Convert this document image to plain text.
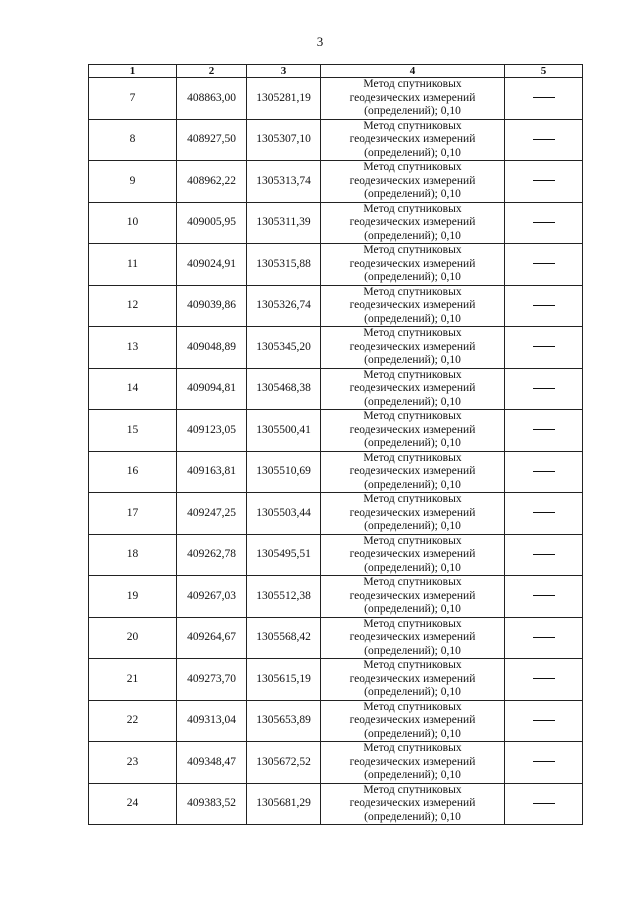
3
1	2	3	4	5
7	408863,00	1305281,19	Метод спутниковых
геодезических измерений
(определений); 0,10	

8	408927,50	1305307,10	Метод спутниковых
геодезических измерений
(определений); 0,10	

9	408962,22	1305313,74	Метод спутниковых
геодезических измерений
(определений); 0,10	

10	409005,95	1305311,39	Метод спутниковых
геодезических измерений
(определений); 0,10	

11	409024,91	1305315,88	Метод спутниковых
геодезических измерений
(определений); 0,10	

12	409039,86	1305326,74	Метод спутниковых
геодезических измерений
(определений); 0,10	

13	409048,89	1305345,20	Метод спутниковых
геодезических измерений
(определений); 0,10	

14	409094,81	1305468,38	Метод спутниковых
геодезических измерений
(определений); 0,10	

15	409123,05	1305500,41	Метод спутниковых
геодезических измерений
(определений); 0,10	

16	409163,81	1305510,69	Метод спутниковых
геодезических измерений
(определений); 0,10	

17	409247,25	1305503,44	Метод спутниковых
геодезических измерений
(определений); 0,10	

18	409262,78	1305495,51	Метод спутниковых
геодезических измерений
(определений); 0,10	

19	409267,03	1305512,38	Метод спутниковых
геодезических измерений
(определений); 0,10	

20	409264,67	1305568,42	Метод спутниковых
геодезических измерений
(определений); 0,10	

21	409273,70	1305615,19	Метод спутниковых
геодезических измерений
(определений); 0,10	

22	409313,04	1305653,89	Метод спутниковых
геодезических измерений
(определений); 0,10	

23	409348,47	1305672,52	Метод спутниковых
геодезических измерений
(определений); 0,10	

24	409383,52	1305681,29	Метод спутниковых
геодезических измерений
(определений); 0,10	
